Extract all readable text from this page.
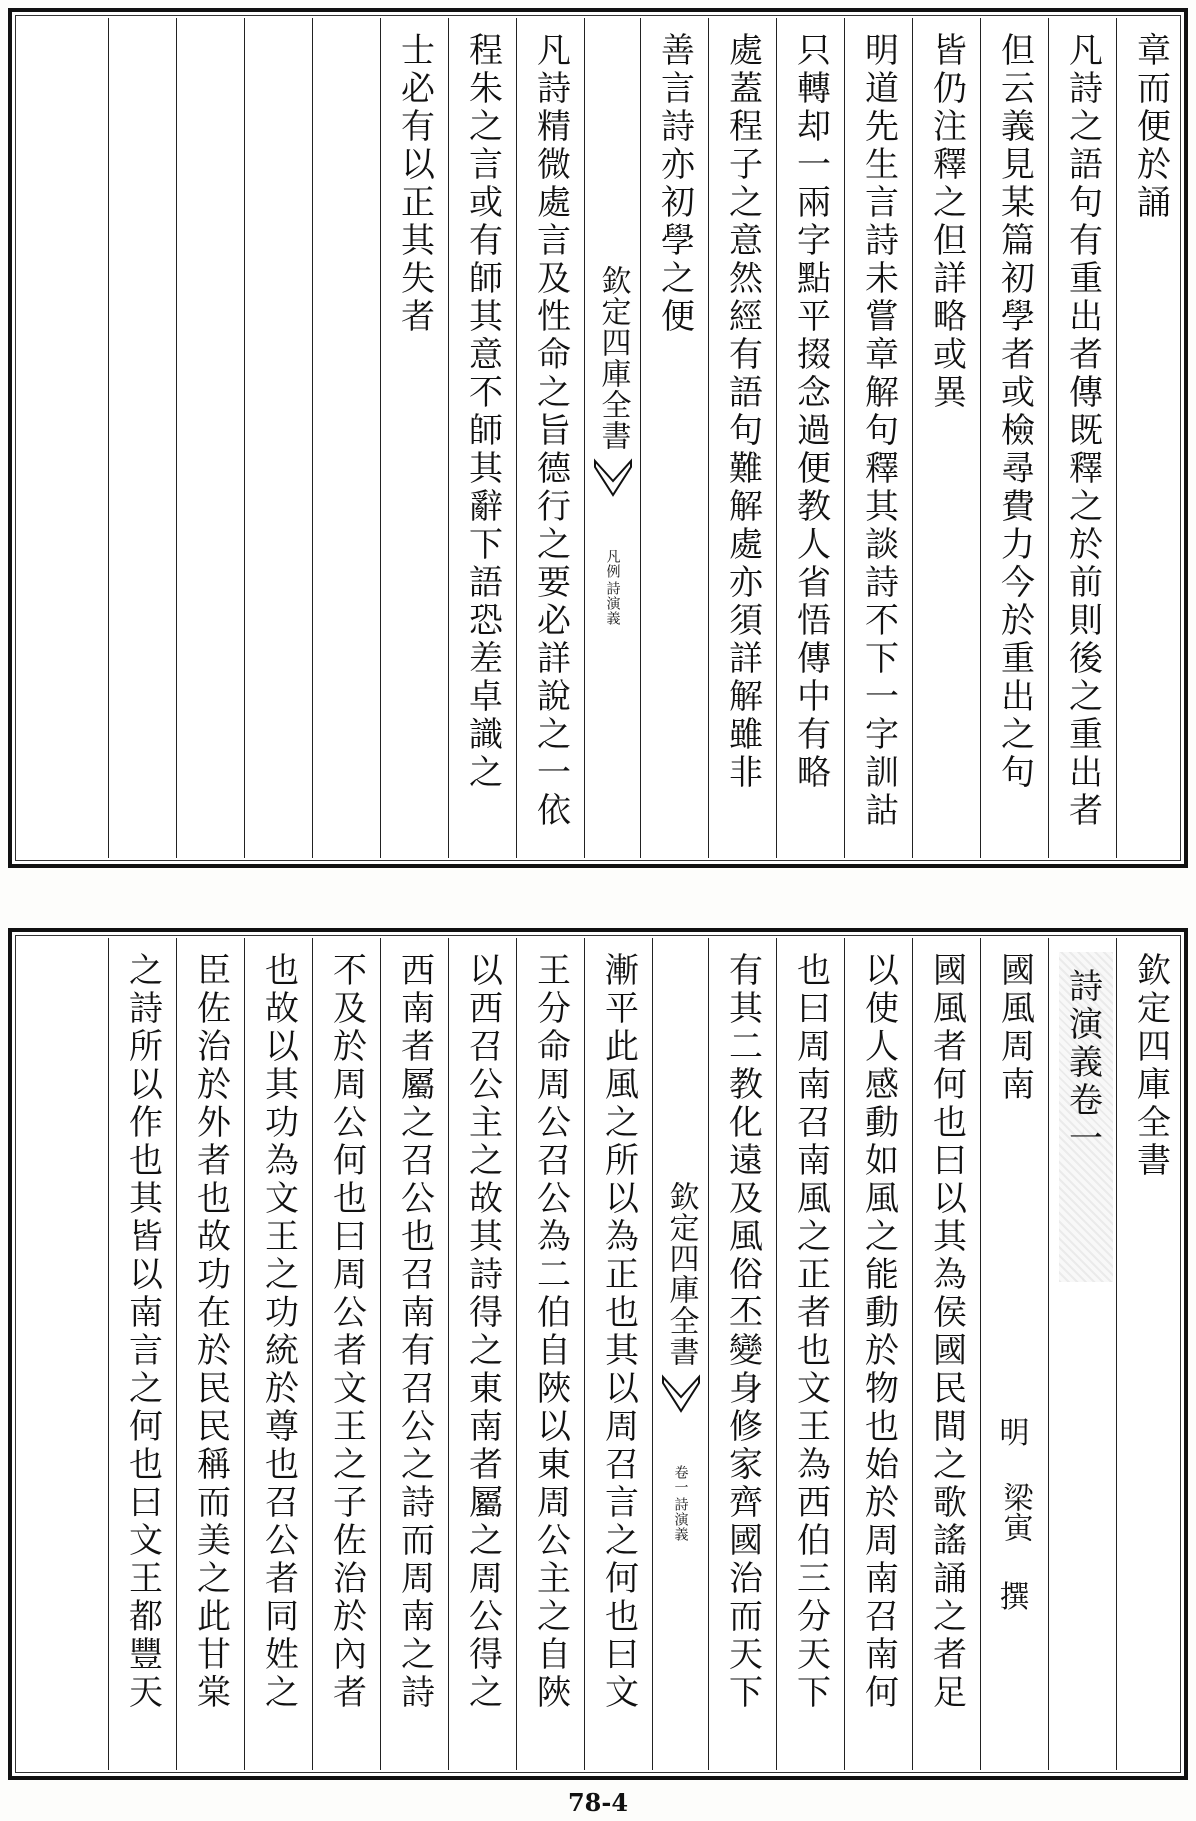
章而便於誦
凡詩之語句有重出者傳既釋之於前則後之重出者
但云義見某篇初學者或檢尋費力今於重出之句
皆仍注釋之但詳略或異
明道先生言詩未嘗章解句釋其談詩不下一字訓詁
只轉却一兩字點平掇念過便教人省悟傳中有略
處蓋程子之意然經有語句難解處亦須詳解雖非
善言詩亦初學之便
欽定四庫全書
詩演義
凡例
凡詩精微處言及性命之旨德行之要必詳說之一依
程朱之言或有師其意不師其辭下語恐差卓識之
士必有以正其失者
欽定四庫全書
詩演義卷一
國風周南
明
梁寅
撰
國風者何也曰以其為侯國民間之歌謠誦之者足
以使人感動如風之能動於物也始於周南召南何
也曰周南召南風之正者也文王為西伯三分天下
有其二教化遠及風俗丕變身修家齊國治而天下
欽定四庫全書
詩演義
卷一
漸平此風之所以為正也其以周召言之何也曰文
王分命周公召公為二伯自陜以東周公主之自陜
以西召公主之故其詩得之東南者屬之周公得之
西南者屬之召公也召南有召公之詩而周南之詩
不及於周公何也曰周公者文王之子佐治於內者
也故以其功為文王之功統於尊也召公者同姓之
臣佐治於外者也故功在於民民稱而美之此甘棠
之詩所以作也其皆以南言之何也曰文王都豐天
78-4
